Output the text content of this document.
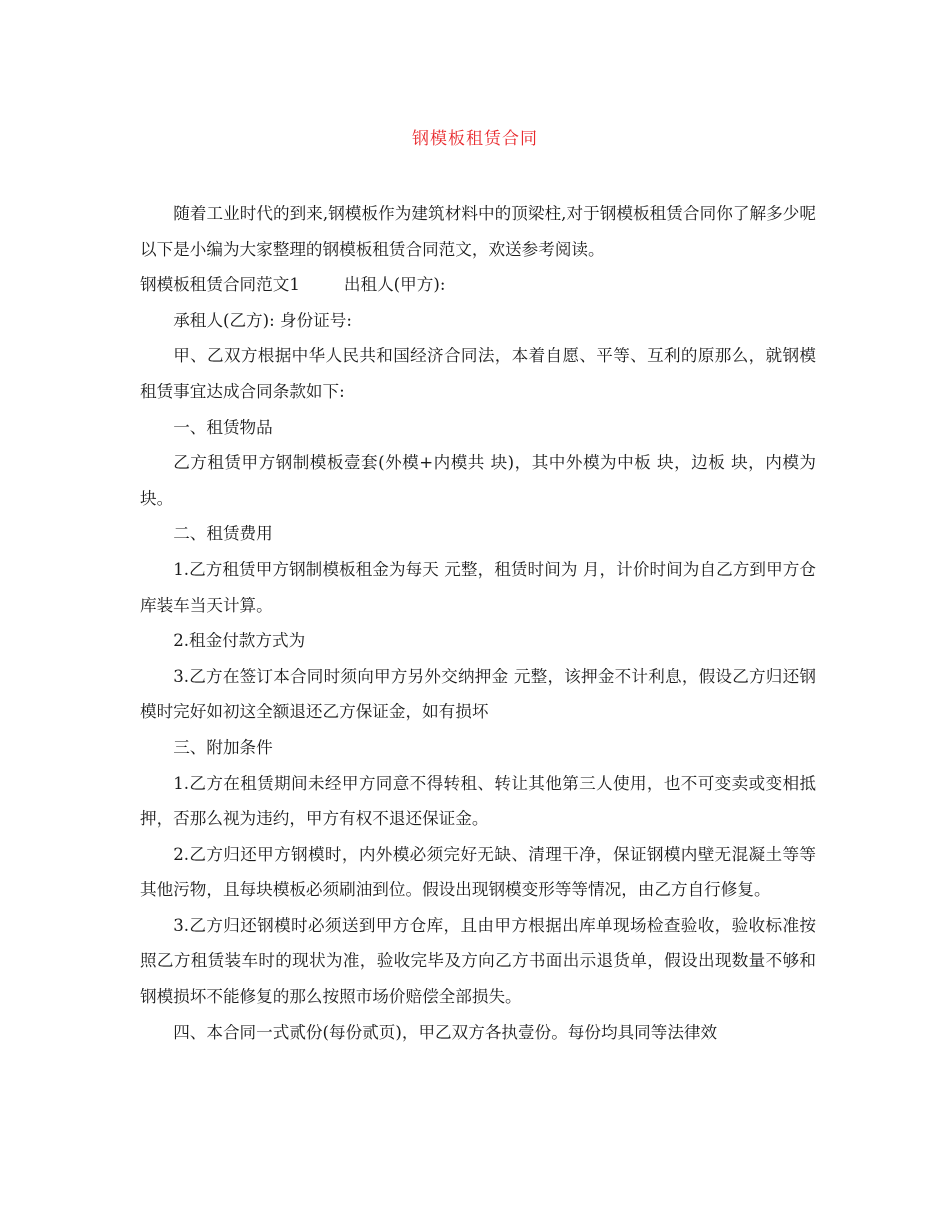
钢模板租赁合同

随着工业时代的到来,钢模板作为建筑材料中的顶梁柱,对于钢模板租赁合同你了解多少呢以下是小编为大家整理的钢模板租赁合同范文，欢送参考阅读。

钢模板租赁合同范文1	出租人(甲方):

承租人(乙方): 身份证号:

甲、乙双方根据中华人民共和国经济合同法，本着自愿、平等、互利的原那么，就钢模租赁事宜达成合同条款如下:

一、租赁物品

乙方租赁甲方钢制模板壹套(外模+内模共 块)，其中外模为中板 块，边板 块，内模为 块。

二、租赁费用

1.乙方租赁甲方钢制模板租金为每天 元整，租赁时间为 月，计价时间为自乙方到甲方仓库装车当天计算。

2.租金付款方式为

3.乙方在签订本合同时须向甲方另外交纳押金 元整，该押金不计利息，假设乙方归还钢模时完好如初这全额退还乙方保证金，如有损坏

三、附加条件

1.乙方在租赁期间未经甲方同意不得转租、转让其他第三人使用，也不可变卖或变相抵押，否那么视为违约，甲方有权不退还保证金。

2.乙方归还甲方钢模时，内外模必须完好无缺、清理干净，保证钢模内壁无混凝土等等其他污物，且每块模板必须刷油到位。假设出现钢模变形等等情况，由乙方自行修复。

3.乙方归还钢模时必须送到甲方仓库，且由甲方根据出库单现场检查验收，验收标准按照乙方租赁装车时的现状为准，验收完毕及方向乙方书面出示退货单，假设出现数量不够和钢模损坏不能修复的那么按照市场价赔偿全部损失。

四、本合同一式贰份(每份贰页)，甲乙双方各执壹份。每份均具同等法律效
